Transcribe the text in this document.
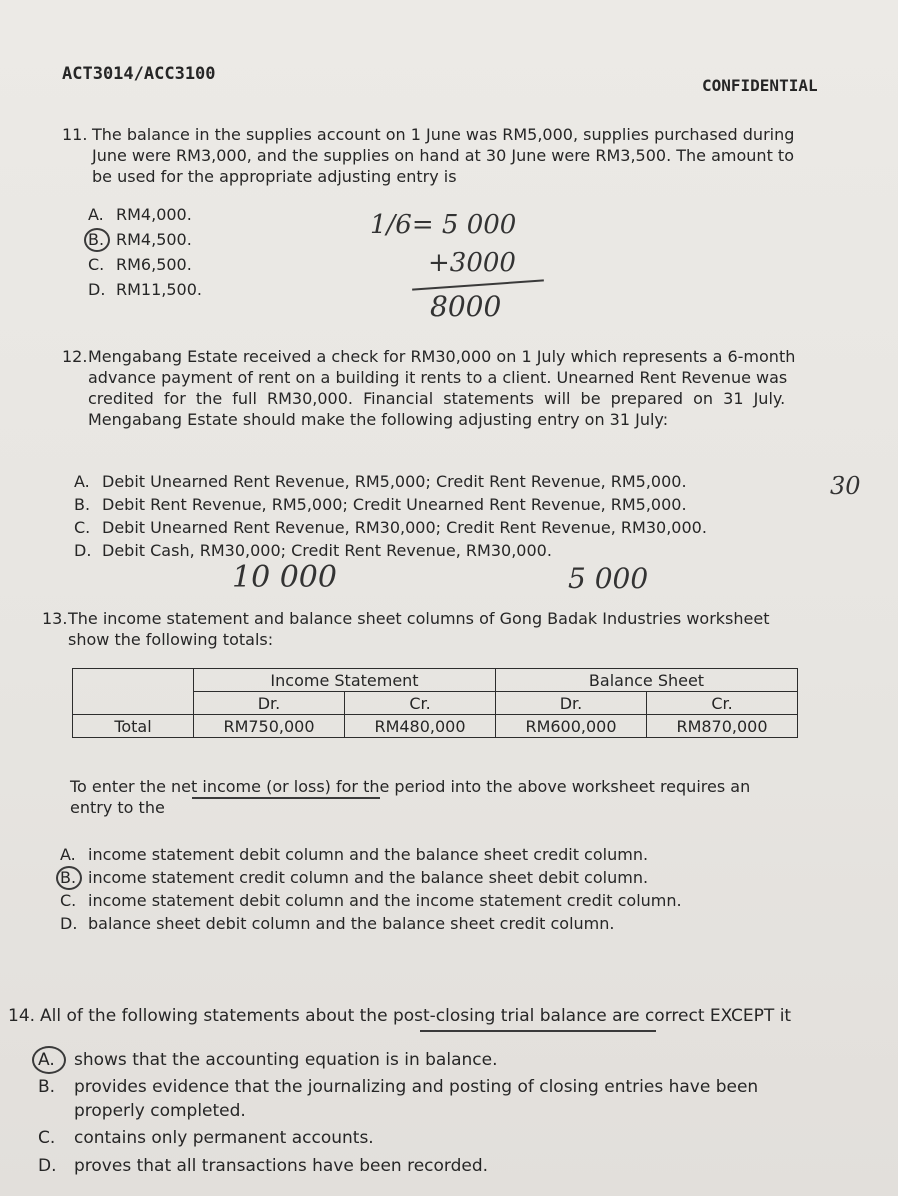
ACT3014/ACC3100
CONFIDENTIAL
11. The balance in the supplies account on 1 June was RM5,000, supplies purchased during
June were RM3,000, and the supplies on hand at 30 June were RM3,500. The amount to
be used for the appropriate adjusting entry is
A. RM4,000.
B. RM4,500.
C. RM6,500.
D. RM11,500.
1/6= 5 000
+3000
8000
12. Mengabang Estate received a check for RM30,000 on 1 July which represents a 6-month
advance payment of rent on a building it rents to a client. Unearned Rent Revenue was
credited for the full RM30,000. Financial statements will be prepared on 31 July.
Mengabang Estate should make the following adjusting entry on 31 July:
A. Debit Unearned Rent Revenue, RM5,000; Credit Rent Revenue, RM5,000.
B. Debit Rent Revenue, RM5,000; Credit Unearned Rent Revenue, RM5,000.
C. Debit Unearned Rent Revenue, RM30,000; Credit Rent Revenue, RM30,000.
D. Debit Cash, RM30,000; Credit Rent Revenue, RM30,000.
30
10 000	5 000
13. The income statement and balance sheet columns of Gong Badak Industries worksheet
show the following totals:
	Income Statement		Balance Sheet	
	Dr.	Cr.	Dr.	Cr.
Total	RM750,000	RM480,000	RM600,000	RM870,000
To enter the net income (or loss) for the period into the above worksheet requires an
entry to the
A. income statement debit column and the balance sheet credit column.
B. income statement credit column and the balance sheet debit column.
C. income statement debit column and the income statement credit column.
D. balance sheet debit column and the balance sheet credit column.
14. All of the following statements about the post-closing trial balance are correct EXCEPT it
A. shows that the accounting equation is in balance.
B. provides evidence that the journalizing and posting of closing entries have been
properly completed.
C. contains only permanent accounts.
D. proves that all transactions have been recorded.
